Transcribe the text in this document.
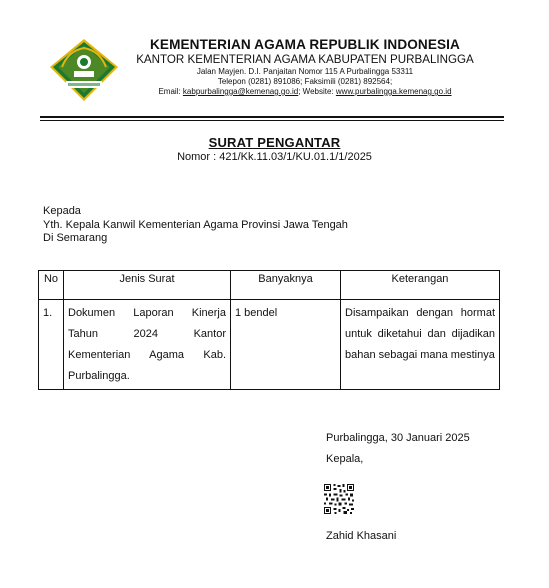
KEMENTERIAN AGAMA REPUBLIK INDONESIA
KANTOR KEMENTERIAN AGAMA KABUPATEN PURBALINGGA
Jalan Mayjen. D.I. Panjaitan Nomor 115 A Purbalingga 53311
Telepon (0281) 891086; Faksimili (0281) 892564;
Email: kabpurbalingga@kemenag.go.id; Website: www.purbalingga.kemenag.go.id
SURAT PENGANTAR
Nomor : 421/Kk.11.03/1/KU.01.1/1/2025
Kepada
Yth. Kepala Kanwil Kementerian Agama Provinsi Jawa Tengah
Di Semarang
No	Jenis Surat	Banyaknya	Keterangan
1.	Dokumen Laporan Kinerja Tahun 2024 Kantor Kementerian Agama Kab. Purbalingga.	1 bendel	Disampaikan dengan hormat untuk diketahui dan dijadikan bahan sebagai mana mestinya
Purbalingga, 30 Januari 2025
Kepala,
Zahid Khasani
